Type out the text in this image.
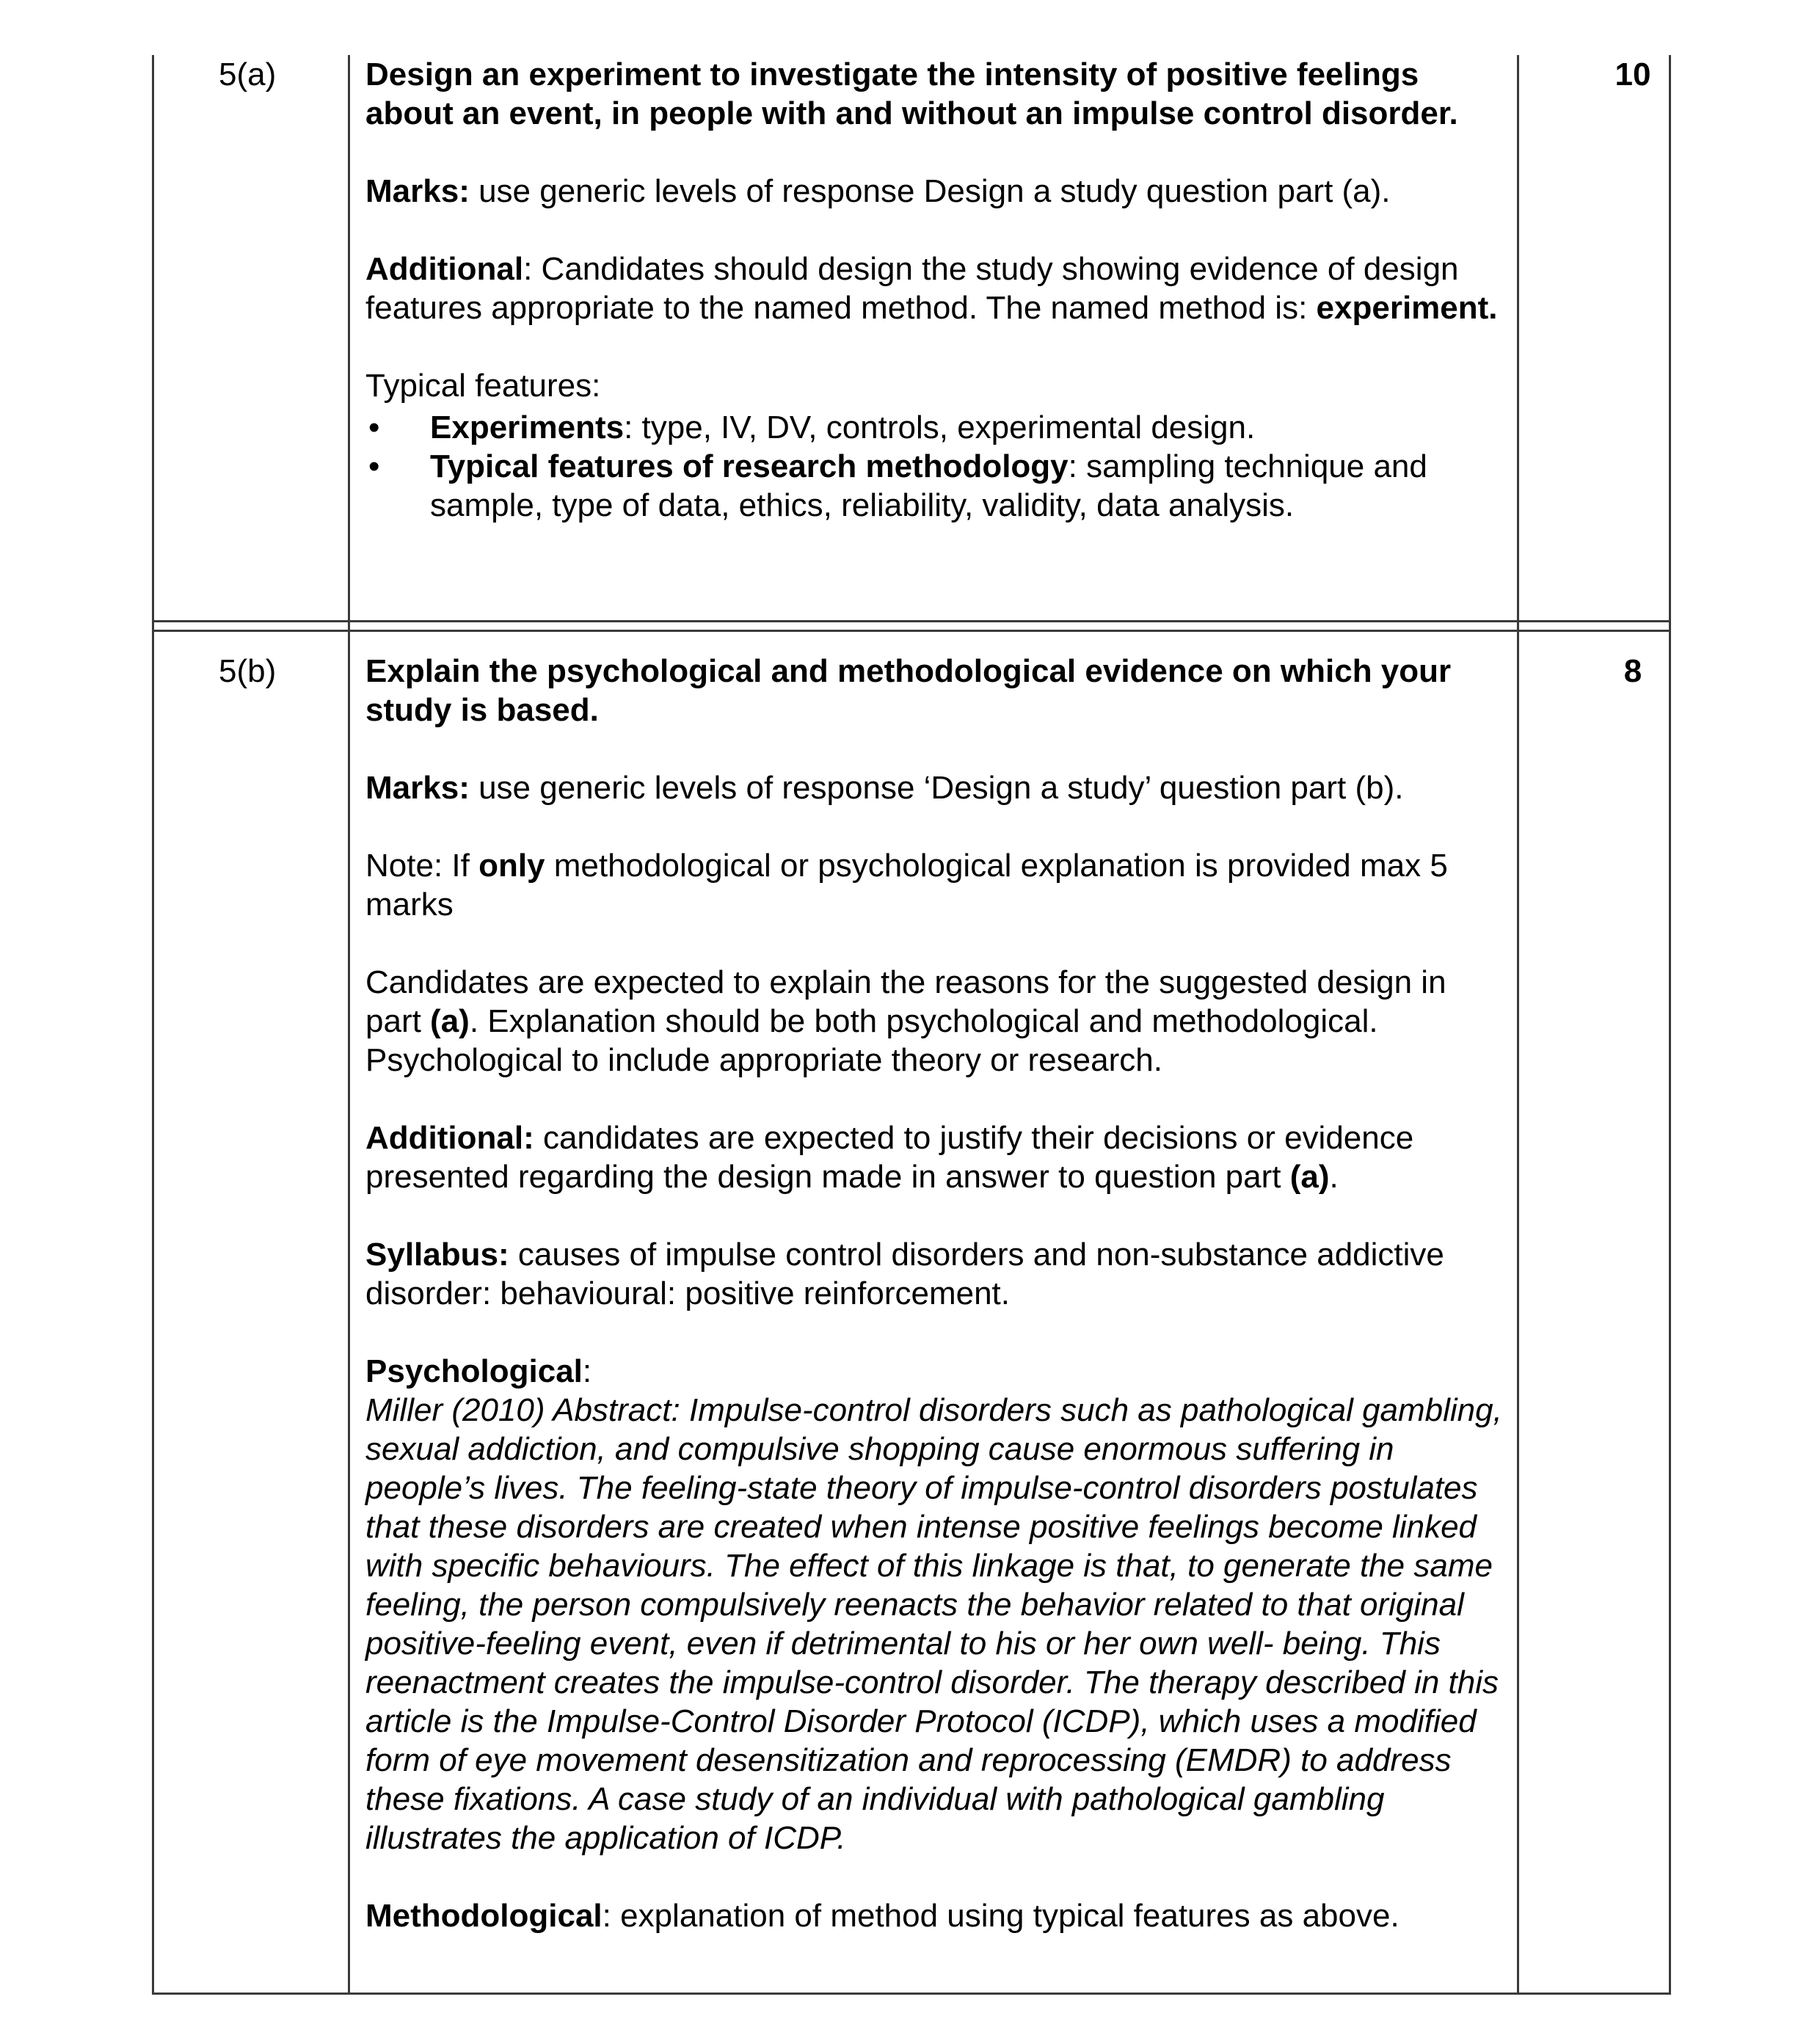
5(a)	10

Design an experiment to investigate the intensity of positive feelings about an event, in people with and without an impulse control disorder.

Marks: use generic levels of response Design a study question part (a).

Additional: Candidates should design the study showing evidence of design features appropriate to the named method. The named method is: experiment.

Typical features:
• Experiments: type, IV, DV, controls, experimental design.
• Typical features of research methodology: sampling technique and sample, type of data, ethics, reliability, validity, data analysis.
5(b)	8

Explain the psychological and methodological evidence on which your study is based.

Marks: use generic levels of response ‘Design a study’ question part (b).

Note: If only methodological or psychological explanation is provided max 5 marks

Candidates are expected to explain the reasons for the suggested design in part (a). Explanation should be both psychological and methodological. Psychological to include appropriate theory or research.

Additional: candidates are expected to justify their decisions or evidence presented regarding the design made in answer to question part (a).

Syllabus: causes of impulse control disorders and non-substance addictive disorder: behavioural: positive reinforcement.

Psychological:
Miller (2010) Abstract: Impulse-control disorders such as pathological gambling, sexual addiction, and compulsive shopping cause enormous suffering in people’s lives. The feeling-state theory of impulse-control disorders postulates that these disorders are created when intense positive feelings become linked with specific behaviours. The effect of this linkage is that, to generate the same feeling, the person compulsively reenacts the behavior related to that original positive-feeling event, even if detrimental to his or her own well- being. This reenactment creates the impulse-control disorder. The therapy described in this article is the Impulse-Control Disorder Protocol (ICDP), which uses a modified form of eye movement desensitization and reprocessing (EMDR) to address these fixations. A case study of an individual with pathological gambling illustrates the application of ICDP.

Methodological: explanation of method using typical features as above.
